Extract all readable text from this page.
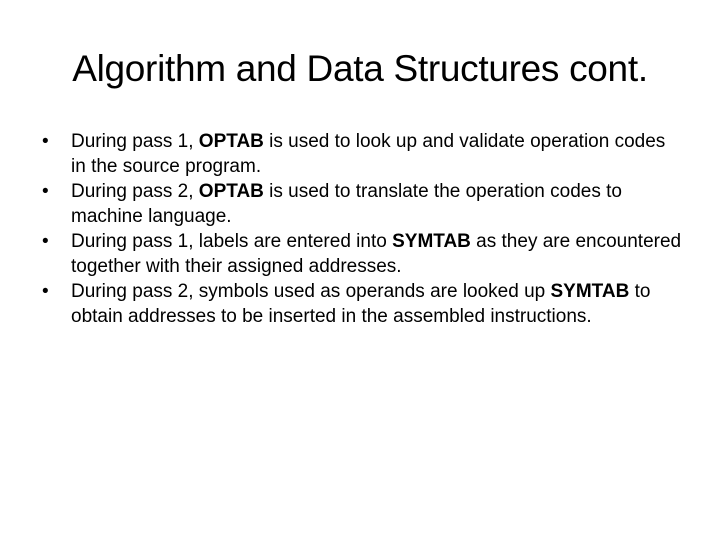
Algorithm and Data Structures cont.
•	During pass 1, OPTAB is used to look up and validate operation codes in the source program.
•	During pass 2, OPTAB is used to translate the operation codes to machine language.
•	During pass 1, labels are entered into SYMTAB as they are encountered together with their assigned addresses.
•	During pass 2, symbols used as operands are looked up SYMTAB to obtain addresses to be inserted in the assembled instructions.
